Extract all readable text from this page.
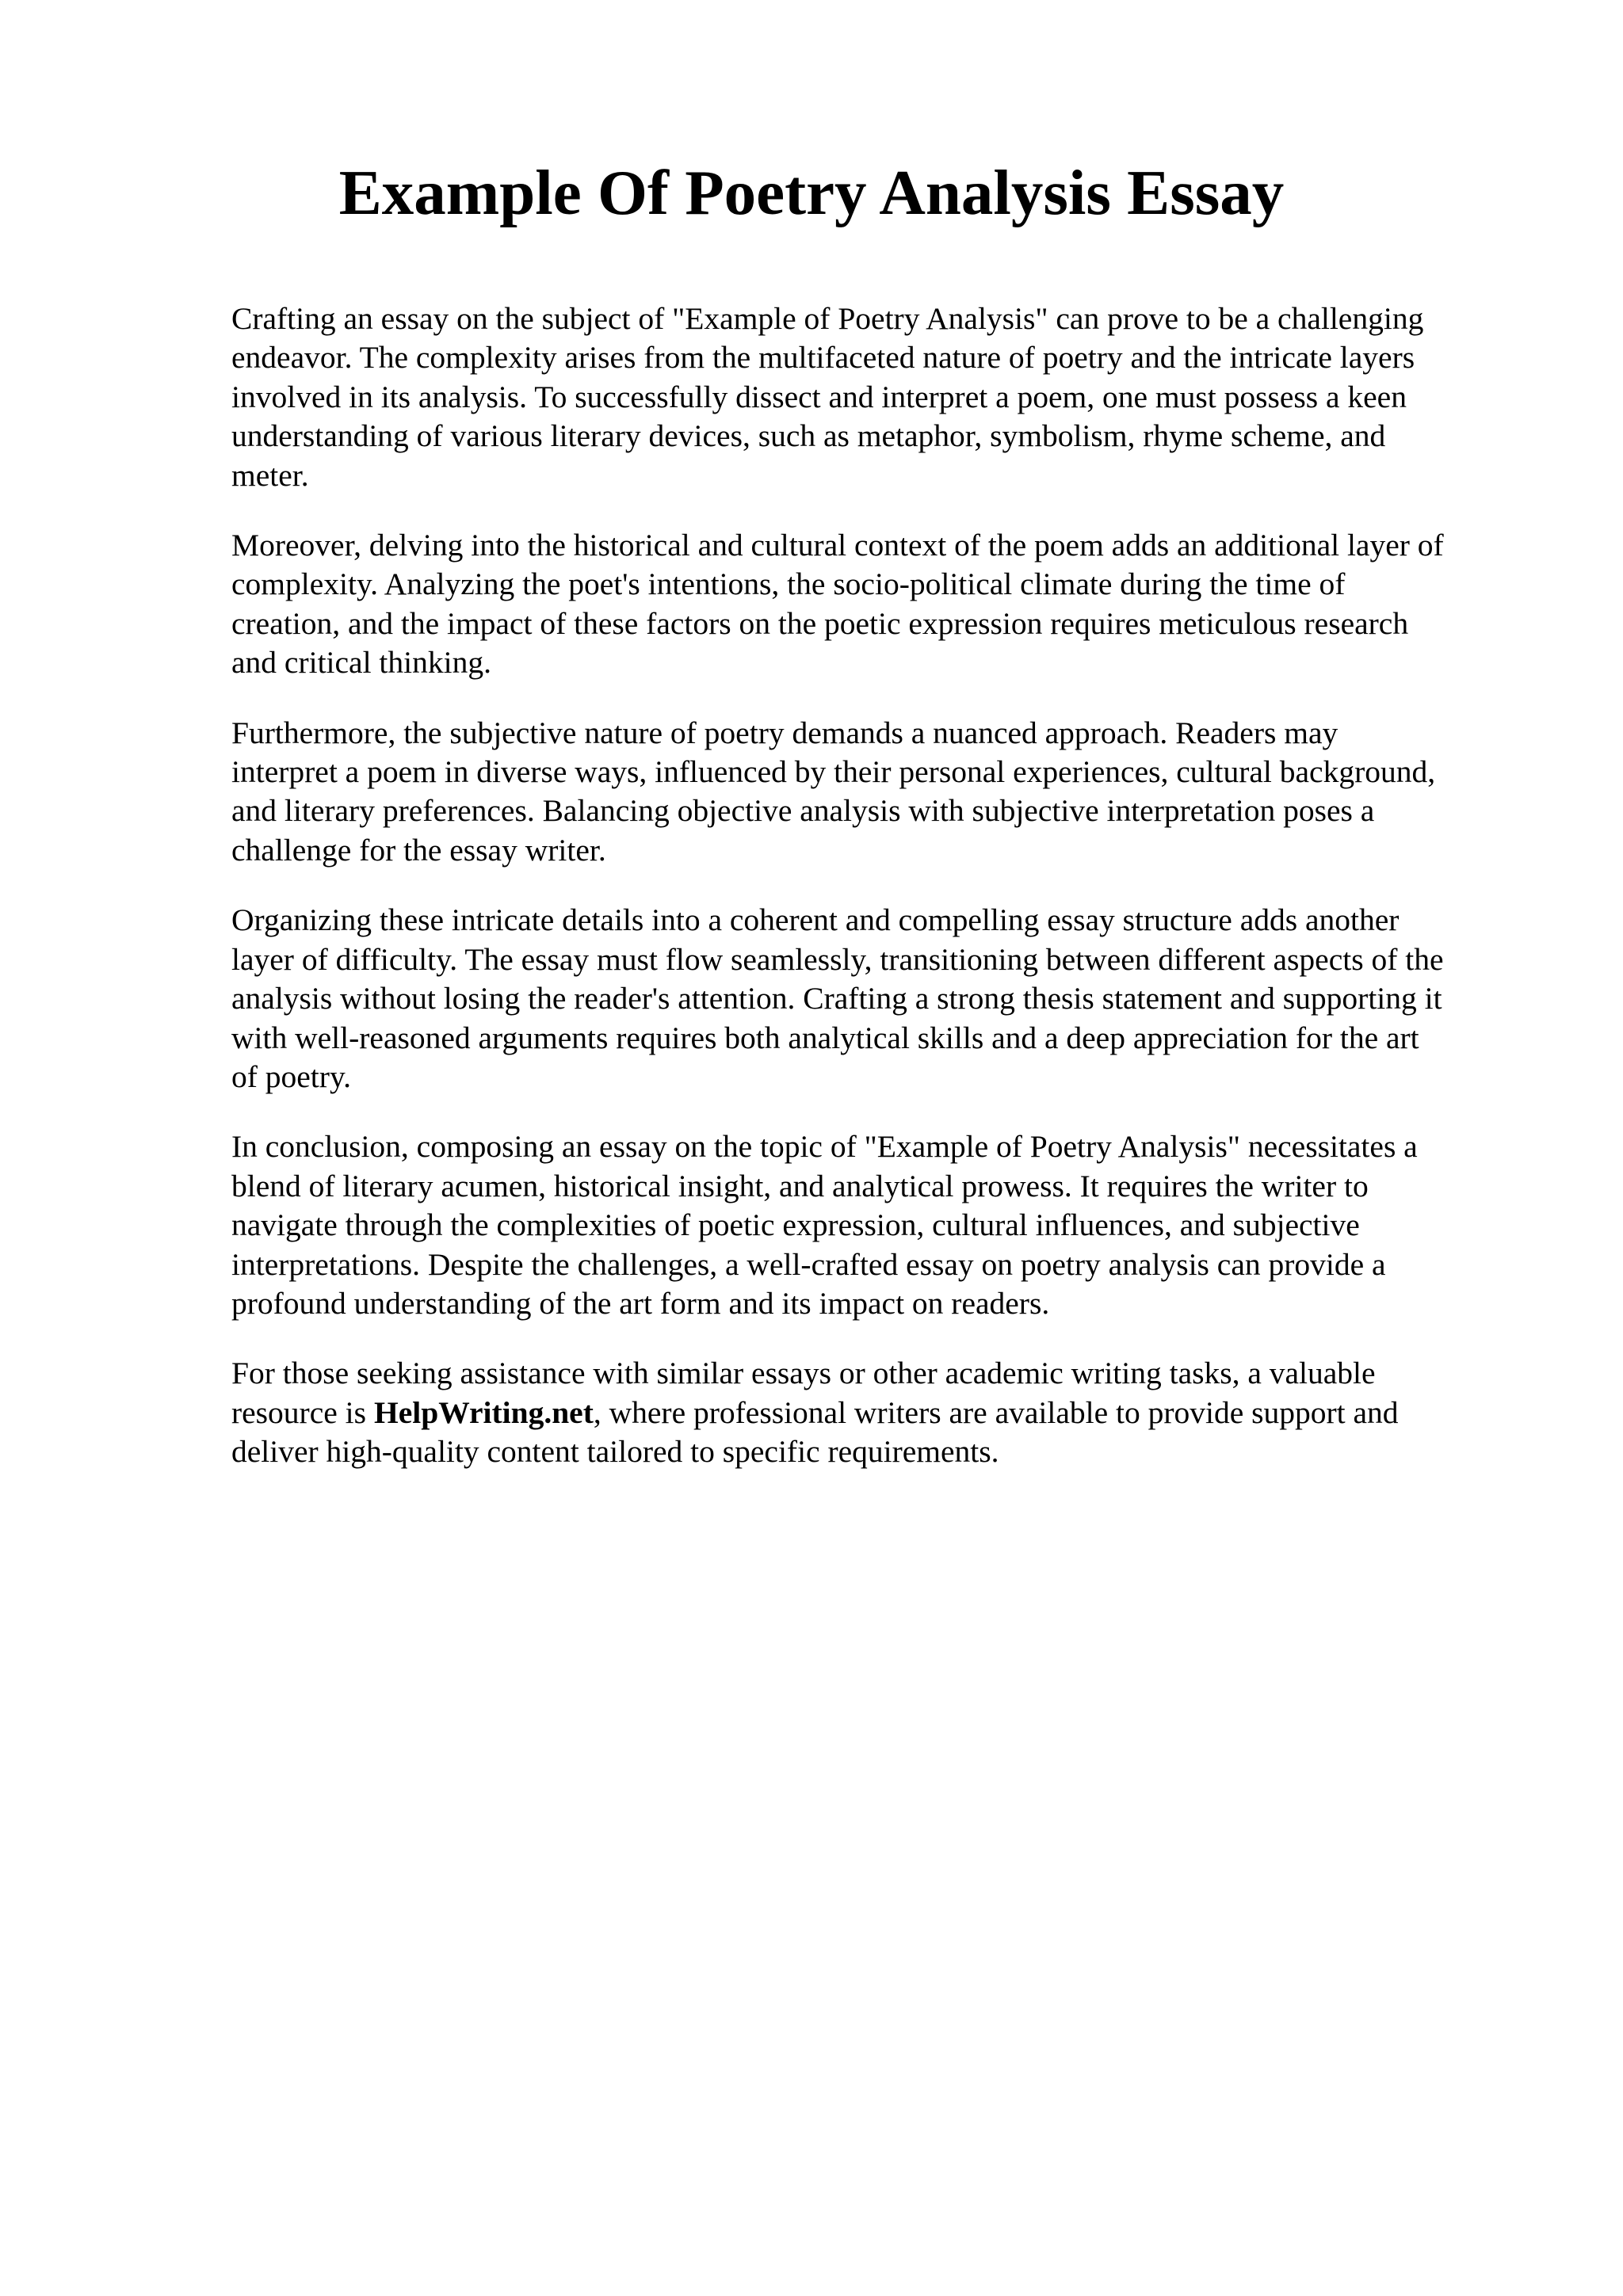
Example Of Poetry Analysis Essay

Crafting an essay on the subject of "Example of Poetry Analysis" can prove to be a challenging
endeavor. The complexity arises from the multifaceted nature of poetry and the intricate layers
involved in its analysis. To successfully dissect and interpret a poem, one must possess a keen
understanding of various literary devices, such as metaphor, symbolism, rhyme scheme, and
meter.

Moreover, delving into the historical and cultural context of the poem adds an additional layer of
complexity. Analyzing the poet's intentions, the socio-political climate during the time of
creation, and the impact of these factors on the poetic expression requires meticulous research
and critical thinking.

Furthermore, the subjective nature of poetry demands a nuanced approach. Readers may
interpret a poem in diverse ways, influenced by their personal experiences, cultural background,
and literary preferences. Balancing objective analysis with subjective interpretation poses a
challenge for the essay writer.

Organizing these intricate details into a coherent and compelling essay structure adds another
layer of difficulty. The essay must flow seamlessly, transitioning between different aspects of the
analysis without losing the reader's attention. Crafting a strong thesis statement and supporting it
with well-reasoned arguments requires both analytical skills and a deep appreciation for the art
of poetry.

In conclusion, composing an essay on the topic of "Example of Poetry Analysis" necessitates a
blend of literary acumen, historical insight, and analytical prowess. It requires the writer to
navigate through the complexities of poetic expression, cultural influences, and subjective
interpretations. Despite the challenges, a well-crafted essay on poetry analysis can provide a
profound understanding of the art form and its impact on readers.

For those seeking assistance with similar essays or other academic writing tasks, a valuable
resource is HelpWriting.net, where professional writers are available to provide support and
deliver high-quality content tailored to specific requirements.
